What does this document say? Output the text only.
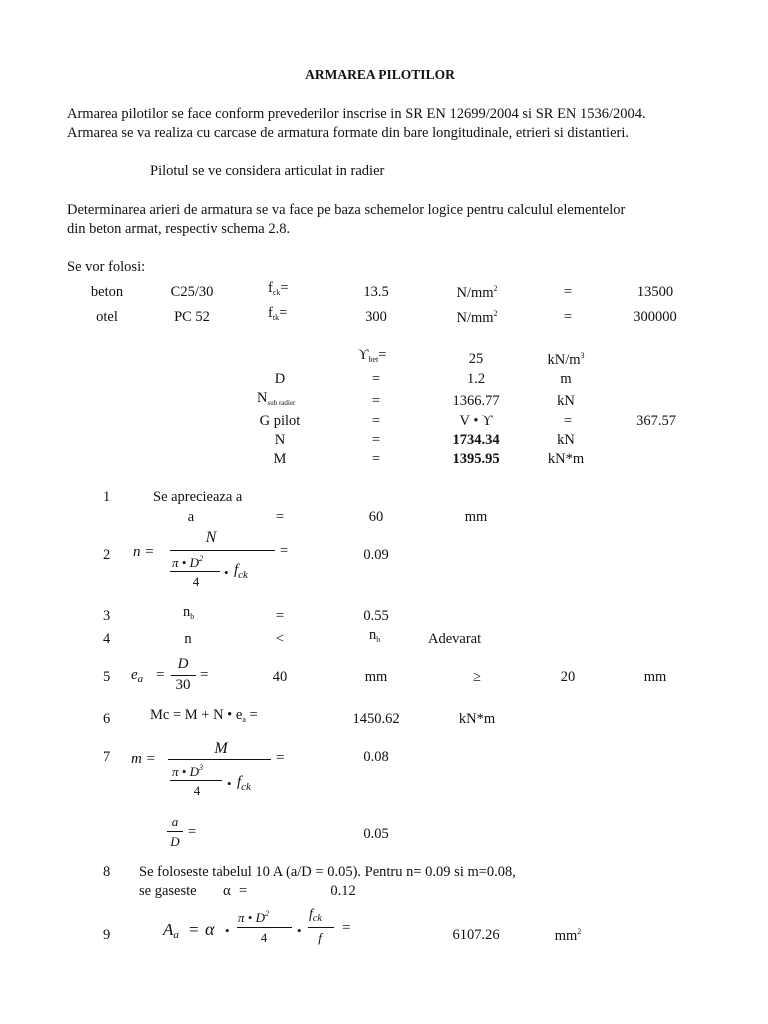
ARMAREA PILOTILOR
Armarea pilotilor se face conform prevederilor inscrise in SR EN 12699/2004 si SR EN 1536/2004.
Armarea se va realiza cu carcase de armatura formate din bare longitudinale, etrieri si distantieri.
Pilotul se ve considera articulat in radier
Determinarea arieri de armatura se va face pe baza schemelor logice pentru calculul elementelor
din beton armat, respectiv schema 2.8.
Se vor folosi:
beton	C25/30	$f_{ck}=$	13.5	$N/mm^2$	=	13500
otel	PC 52	$f_{tk}=$	300	$N/mm^2$	=	300000
$ϒ_{bet}=$	25	$kN/m^3$
D	=	1.2	m
$N_{sub radier}$	=	1366.77	kN
G pilot	=	V • ϒ	=	367.57
N	=	1734.34	kN
M	=	1395.95	kN*m
1	Se aprecieaza a
a	=	60	mm
2 n =
N
π • $D^2$
4
• $f_{ck}$
=	0.09
3	$n_b$	=	0.55
4	n	<	$n_b$	Adevarat
5 $e_a$ =
D
30
=	40	mm	≥	20	mm
6	Mc = M + N • $e_a$ =	1450.62	kN*m
7 m =
M
π • $D^3$
4 • $f_{ck}$
=	0.08
a
D
=	0.05
8 Se foloseste tabelul 10 A (a/D = 0.05). Pentru n= 0.09 si m=0.08,
se gaseste α =	0.12
9	$A_a = \alpha$ •
π • $D^2$
4 •
$f_{ck}$
f
=	6107.26	$mm^2$
